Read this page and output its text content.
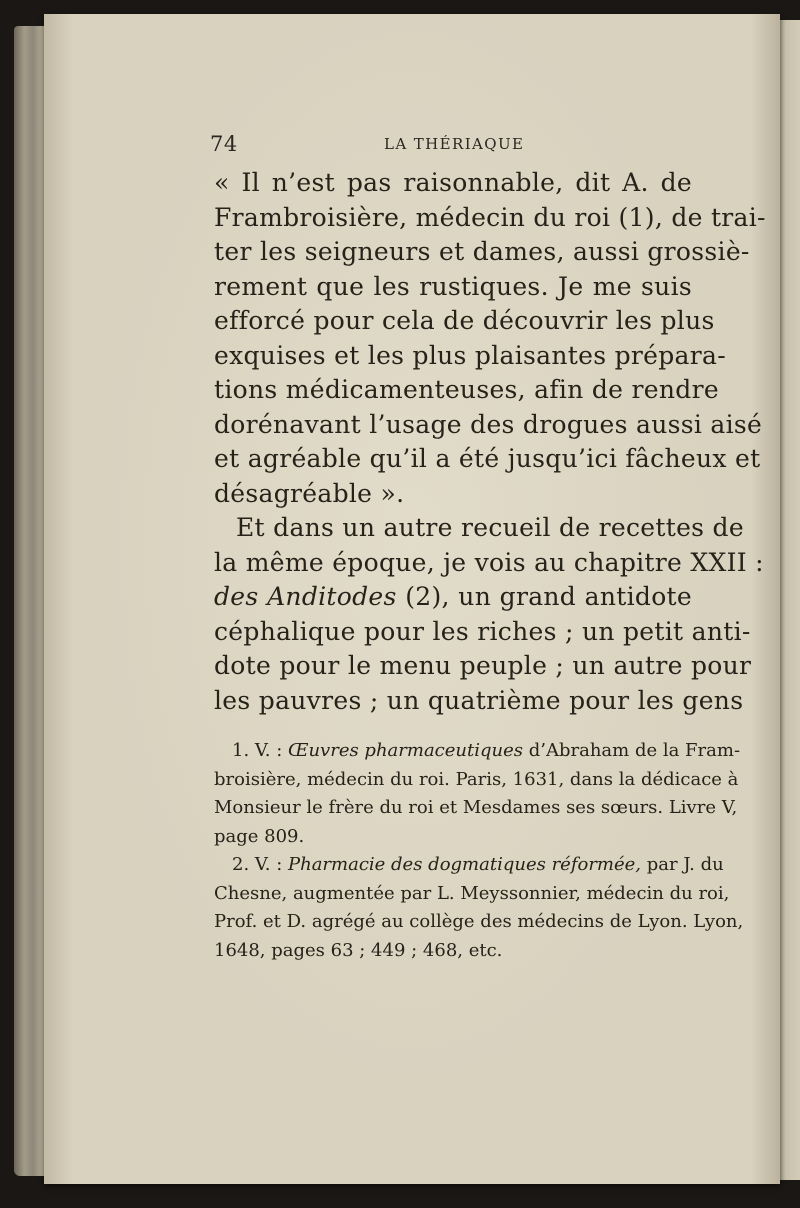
74	LA THÉRIAQUE
« Il n’est pas raisonnable, dit A. de
Frambroisière, médecin du roi (1), de trai-
ter les seigneurs et dames, aussi grossiè-
rement que les rustiques. Je me suis
efforcé pour cela de découvrir les plus
exquises et les plus plaisantes prépara-
tions médicamenteuses, afin de rendre
dorénavant l’usage des drogues aussi aisé
et agréable qu’il a été jusqu’ici fâcheux et
désagréable ».
Et dans un autre recueil de recettes de
la même époque, je vois au chapitre XXII :
des Anditodes (2), un grand antidote
céphalique pour les riches ; un petit anti-
dote pour le menu peuple ; un autre pour
les pauvres ; un quatrième pour les gens
1. V. : Œuvres pharmaceutiques d’Abraham de la Fram-
broisière, médecin du roi. Paris, 1631, dans la dédicace à
Monsieur le frère du roi et Mesdames ses sœurs. Livre V,
page 809.
2. V. : Pharmacie des dogmatiques réformée, par J. du
Chesne, augmentée par L. Meyssonnier, médecin du roi,
Prof. et D. agrégé au collège des médecins de Lyon. Lyon,
1648, pages 63 ; 449 ; 468, etc.
